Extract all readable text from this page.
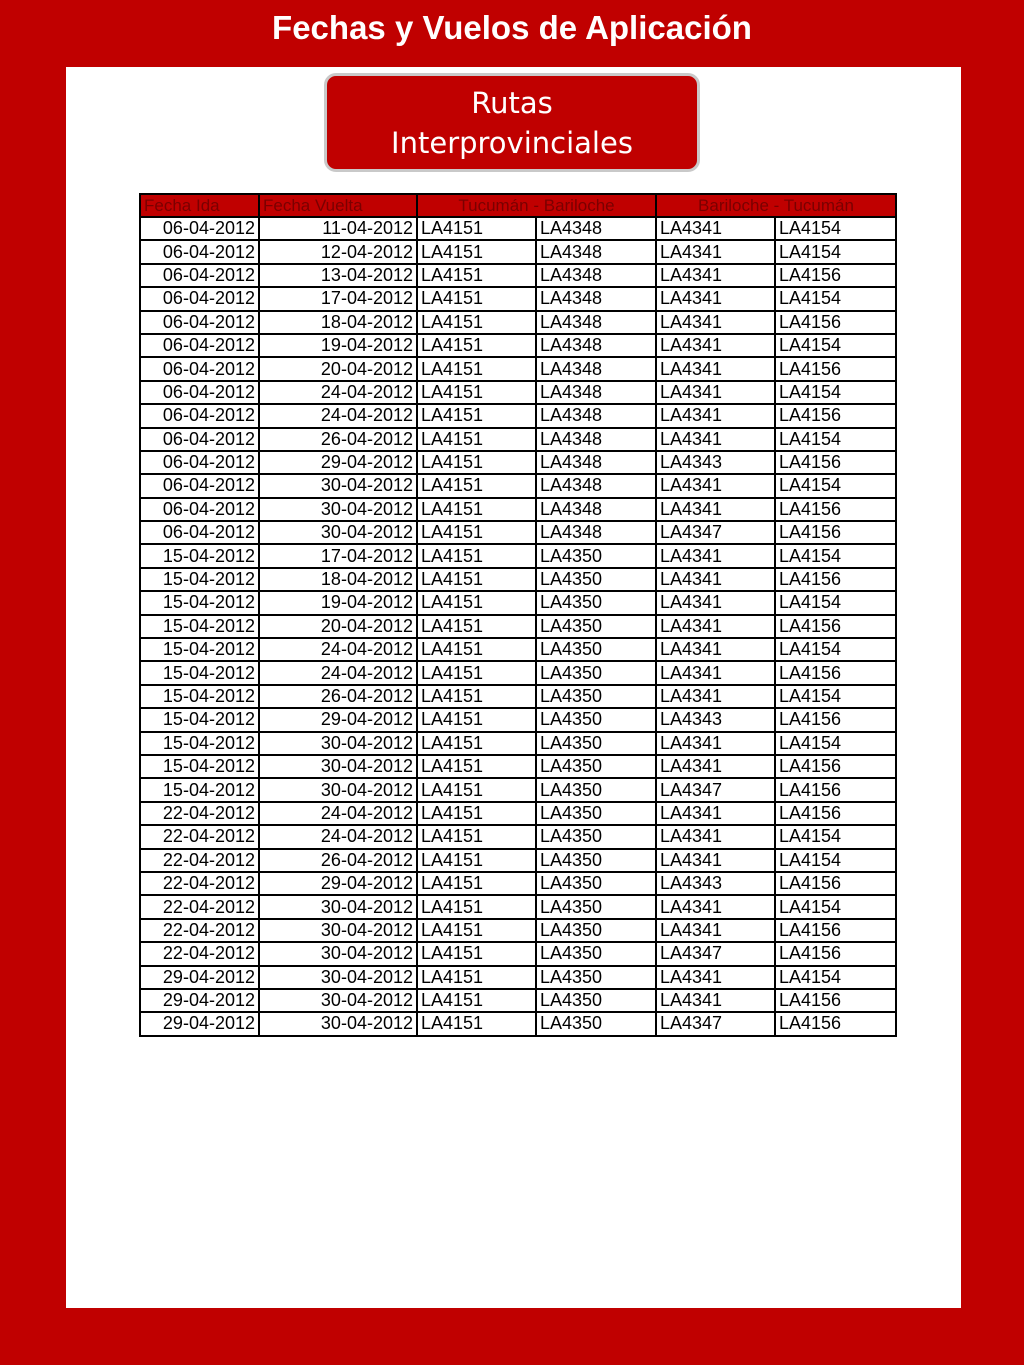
Fechas y Vuelos de Aplicación
Rutas
Interprovinciales
Fecha Ida	Fecha Vuelta	Tucumán - Bariloche		Bariloche - Tucumán	
06-04-2012	11-04-2012	LA4151	LA4348	LA4341	LA4154
06-04-2012	12-04-2012	LA4151	LA4348	LA4341	LA4154
06-04-2012	13-04-2012	LA4151	LA4348	LA4341	LA4156
06-04-2012	17-04-2012	LA4151	LA4348	LA4341	LA4154
06-04-2012	18-04-2012	LA4151	LA4348	LA4341	LA4156
06-04-2012	19-04-2012	LA4151	LA4348	LA4341	LA4154
06-04-2012	20-04-2012	LA4151	LA4348	LA4341	LA4156
06-04-2012	24-04-2012	LA4151	LA4348	LA4341	LA4154
06-04-2012	24-04-2012	LA4151	LA4348	LA4341	LA4156
06-04-2012	26-04-2012	LA4151	LA4348	LA4341	LA4154
06-04-2012	29-04-2012	LA4151	LA4348	LA4343	LA4156
06-04-2012	30-04-2012	LA4151	LA4348	LA4341	LA4154
06-04-2012	30-04-2012	LA4151	LA4348	LA4341	LA4156
06-04-2012	30-04-2012	LA4151	LA4348	LA4347	LA4156
15-04-2012	17-04-2012	LA4151	LA4350	LA4341	LA4154
15-04-2012	18-04-2012	LA4151	LA4350	LA4341	LA4156
15-04-2012	19-04-2012	LA4151	LA4350	LA4341	LA4154
15-04-2012	20-04-2012	LA4151	LA4350	LA4341	LA4156
15-04-2012	24-04-2012	LA4151	LA4350	LA4341	LA4154
15-04-2012	24-04-2012	LA4151	LA4350	LA4341	LA4156
15-04-2012	26-04-2012	LA4151	LA4350	LA4341	LA4154
15-04-2012	29-04-2012	LA4151	LA4350	LA4343	LA4156
15-04-2012	30-04-2012	LA4151	LA4350	LA4341	LA4154
15-04-2012	30-04-2012	LA4151	LA4350	LA4341	LA4156
15-04-2012	30-04-2012	LA4151	LA4350	LA4347	LA4156
22-04-2012	24-04-2012	LA4151	LA4350	LA4341	LA4156
22-04-2012	24-04-2012	LA4151	LA4350	LA4341	LA4154
22-04-2012	26-04-2012	LA4151	LA4350	LA4341	LA4154
22-04-2012	29-04-2012	LA4151	LA4350	LA4343	LA4156
22-04-2012	30-04-2012	LA4151	LA4350	LA4341	LA4154
22-04-2012	30-04-2012	LA4151	LA4350	LA4341	LA4156
22-04-2012	30-04-2012	LA4151	LA4350	LA4347	LA4156
29-04-2012	30-04-2012	LA4151	LA4350	LA4341	LA4154
29-04-2012	30-04-2012	LA4151	LA4350	LA4341	LA4156
29-04-2012	30-04-2012	LA4151	LA4350	LA4347	LA4156
